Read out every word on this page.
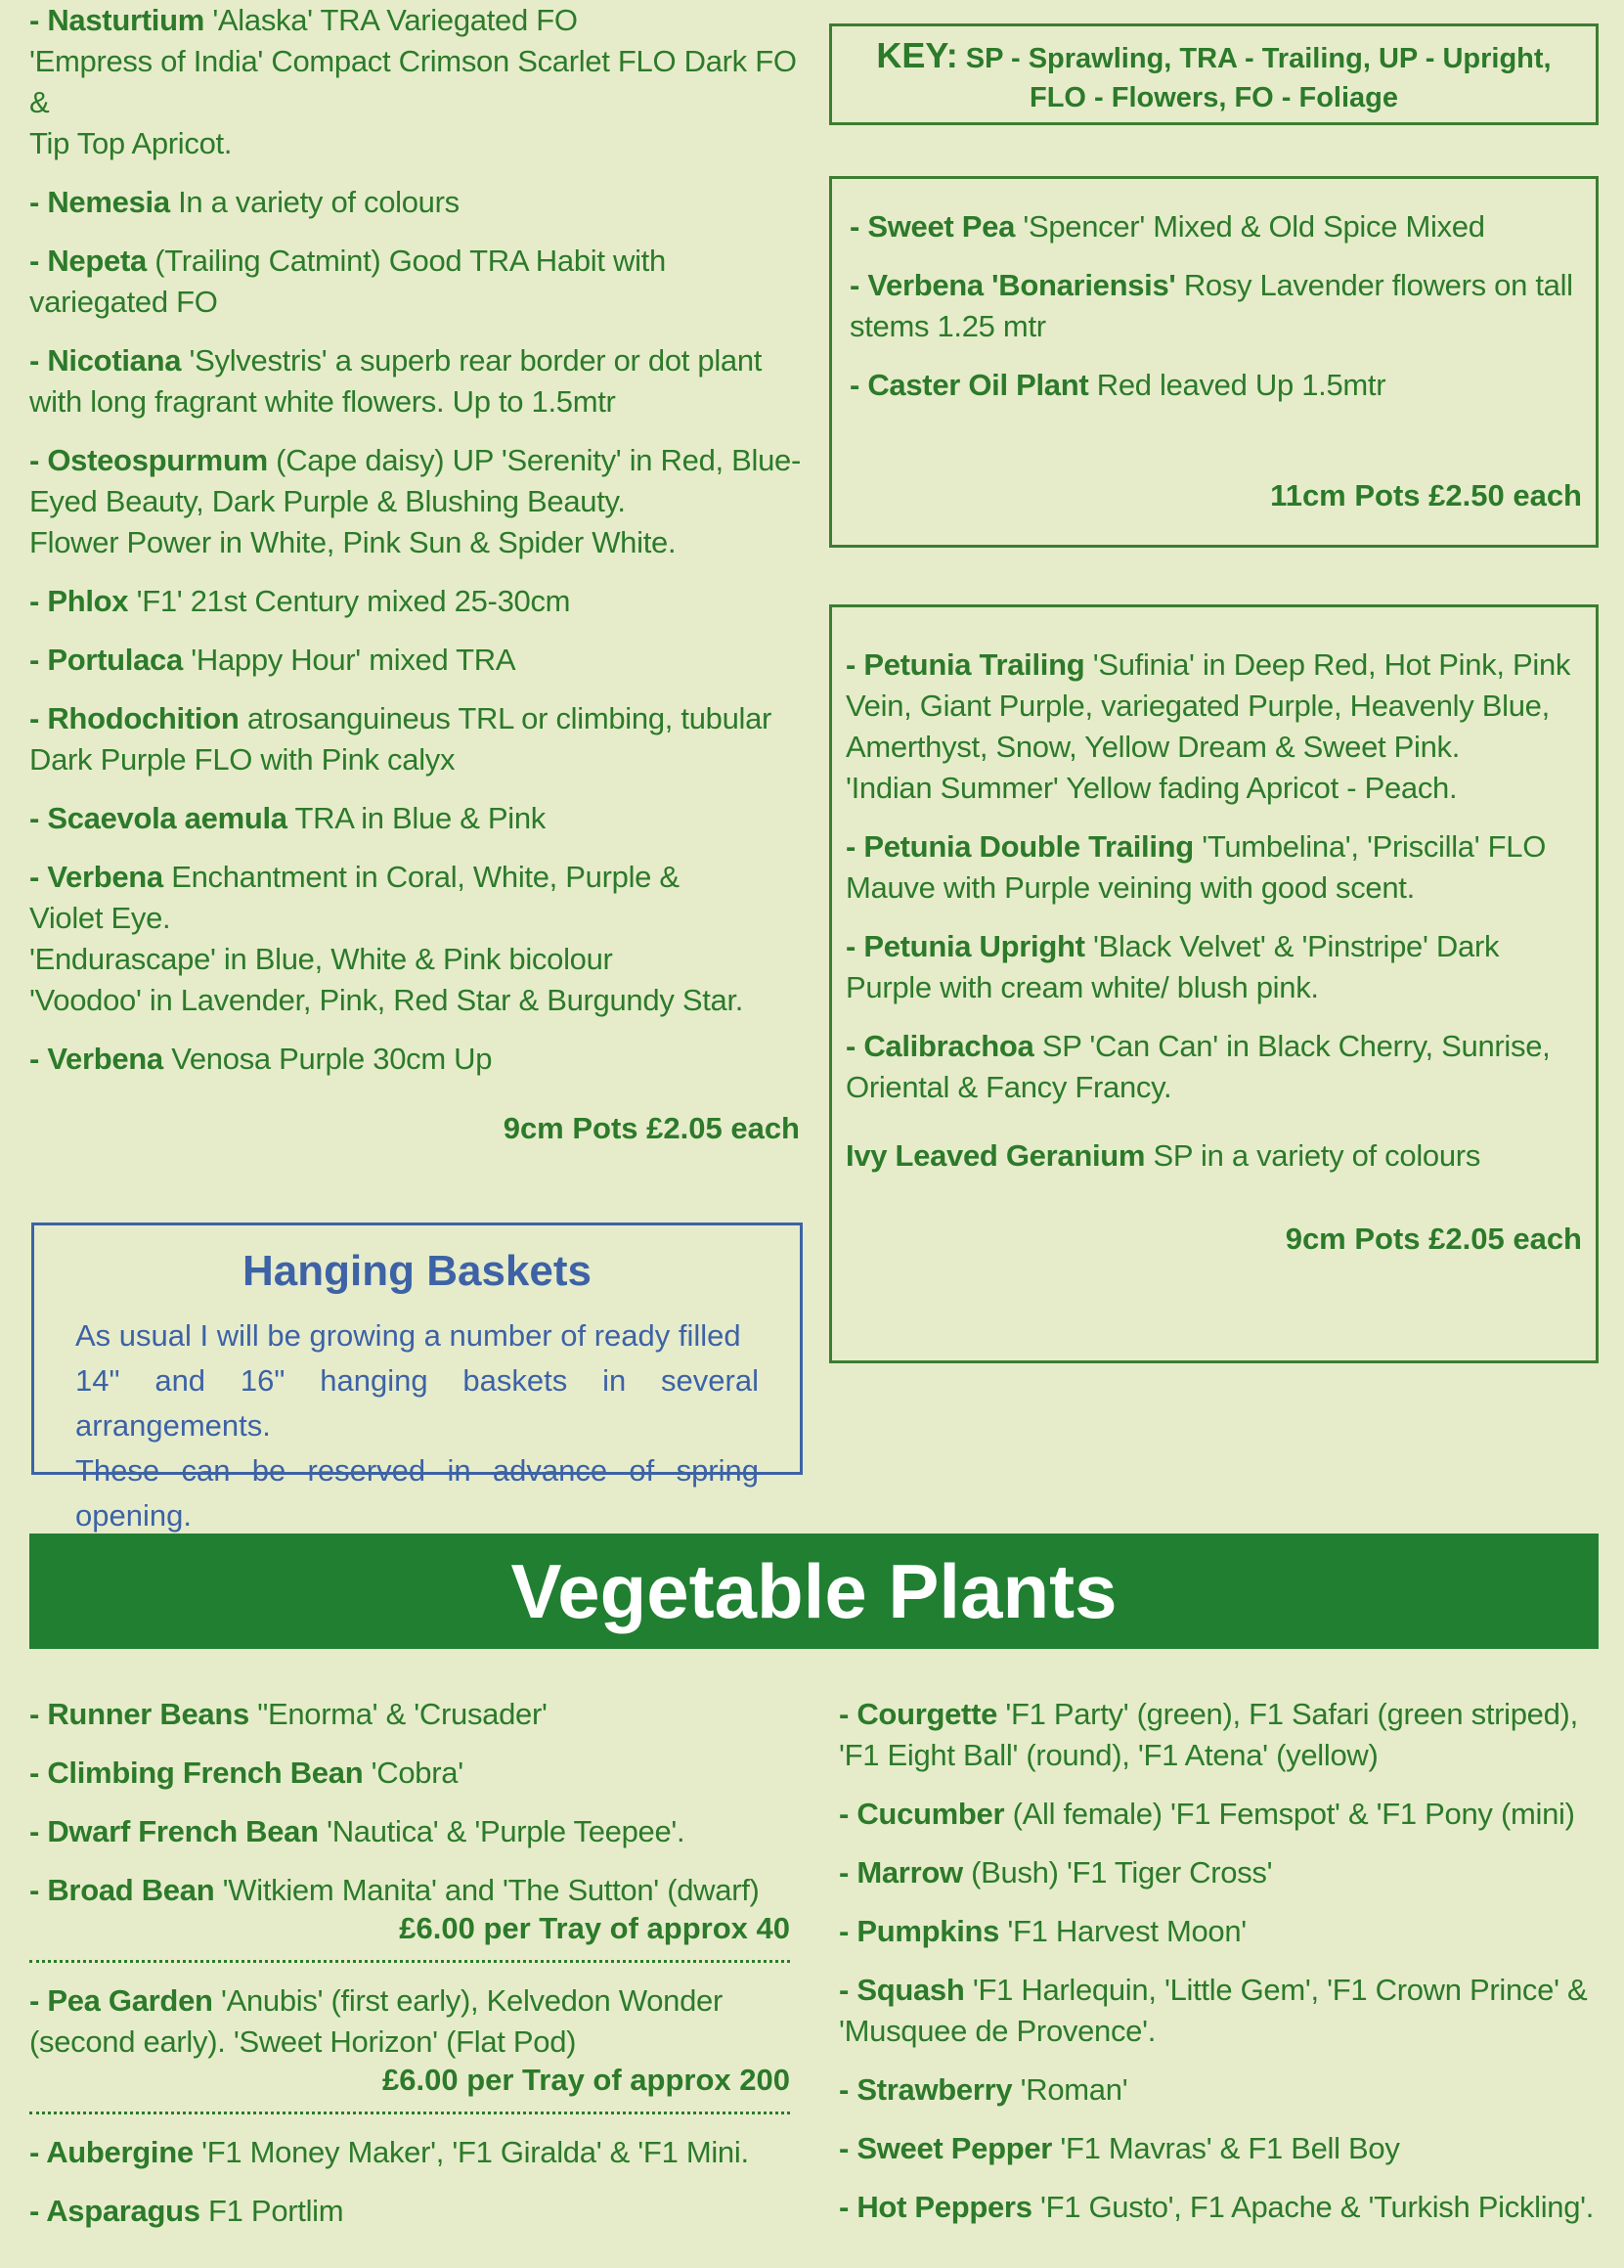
- Nasturtium 'Alaska' TRA Variegated FO
'Empress of India' Compact Crimson Scarlet FLO Dark FO &
Tip Top Apricot.
- Nemesia In a variety of colours
- Nepeta (Trailing Catmint) Good TRA Habit with variegated FO
- Nicotiana 'Sylvestris' a superb rear border or dot plant
with long fragrant white flowers. Up to 1.5mtr
- Osteospurmum (Cape daisy) UP 'Serenity' in Red, Blue-
Eyed Beauty, Dark Purple & Blushing Beauty.
Flower Power in White, Pink Sun & Spider White.
- Phlox 'F1' 21st Century mixed 25-30cm
- Portulaca 'Happy Hour' mixed TRA
- Rhodochition atrosanguineus TRL or climbing, tubular
Dark Purple FLO with Pink calyx
- Scaevola aemula TRA in Blue & Pink
- Verbena Enchantment in Coral, White, Purple &
Violet Eye.
'Endurascape' in Blue, White & Pink bicolour
'Voodoo' in Lavender, Pink, Red Star & Burgundy Star.
- Verbena Venosa Purple 30cm Up
9cm Pots £2.05 each
Hanging Baskets
As usual I will be growing a number of ready filled
14" and 16" hanging baskets in several arrangements.
These can be reserved in advance of spring opening.
KEY: SP - Sprawling, TRA - Trailing, UP - Upright,
FLO - Flowers, FO - Foliage
- Sweet Pea 'Spencer' Mixed & Old Spice Mixed
- Verbena 'Bonariensis' Rosy Lavender flowers on tall
stems 1.25 mtr
- Caster Oil Plant Red leaved Up 1.5mtr
11cm Pots £2.50 each
- Petunia Trailing 'Sufinia' in Deep Red, Hot Pink, Pink
Vein, Giant Purple, variegated Purple, Heavenly Blue,
Amerthyst, Snow, Yellow Dream & Sweet Pink.
'Indian Summer' Yellow fading Apricot - Peach.
- Petunia Double Trailing 'Tumbelina', 'Priscilla' FLO
Mauve with Purple veining with good scent.
- Petunia Upright 'Black Velvet' & 'Pinstripe' Dark
Purple with cream white/ blush pink.
- Calibrachoa SP 'Can Can' in Black Cherry, Sunrise,
Oriental & Fancy Francy.
Ivy Leaved Geranium SP in a variety of colours
9cm Pots £2.05 each
Vegetable Plants
- Runner Beans "Enorma' & 'Crusader'
- Climbing French Bean 'Cobra'
- Dwarf French Bean 'Nautica' & 'Purple Teepee'.
- Broad Bean 'Witkiem Manita' and 'The Sutton' (dwarf)
£6.00 per Tray of approx 40
- Pea Garden 'Anubis' (first early), Kelvedon Wonder
(second early). 'Sweet Horizon' (Flat Pod)
£6.00 per Tray of approx 200
- Aubergine 'F1 Money Maker', 'F1 Giralda' & 'F1 Mini.
- Asparagus F1 Portlim
- Courgette 'F1 Party' (green), F1 Safari (green striped),
'F1 Eight Ball' (round), 'F1 Atena' (yellow)
- Cucumber (All female) 'F1 Femspot' & 'F1 Pony (mini)
- Marrow (Bush) 'F1 Tiger Cross'
- Pumpkins 'F1 Harvest Moon'
- Squash 'F1 Harlequin, 'Little Gem', 'F1 Crown Prince' &
'Musquee de Provence'.
- Strawberry 'Roman'
- Sweet Pepper 'F1 Mavras' & F1 Bell Boy
- Hot Peppers 'F1 Gusto', F1 Apache & 'Turkish Pickling'.
